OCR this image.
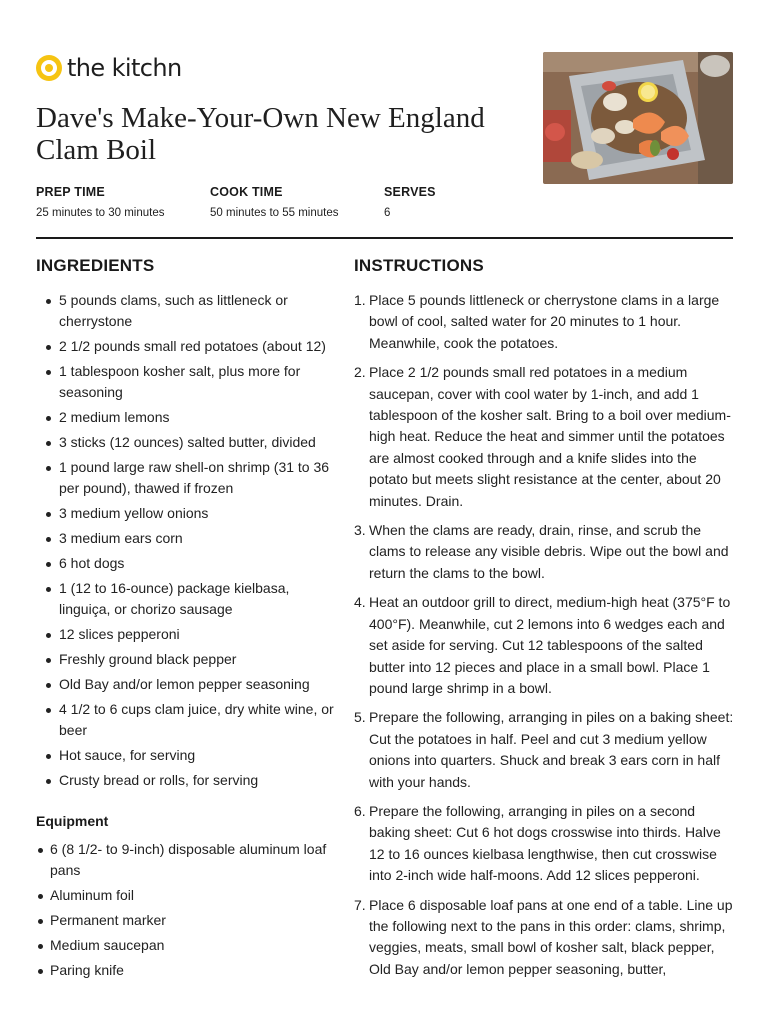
the kitchn
Dave's Make-Your-Own New England Clam Boil
PREP TIME
25 minutes to 30 minutes
COOK TIME
50 minutes to 55 minutes
SERVES
6
INGREDIENTS
5 pounds clams, such as littleneck or cherrystone
2 1/2 pounds small red potatoes (about 12)
1 tablespoon kosher salt, plus more for seasoning
2 medium lemons
3 sticks (12 ounces) salted butter, divided
1 pound large raw shell-on shrimp (31 to 36 per pound), thawed if frozen
3 medium yellow onions
3 medium ears corn
6 hot dogs
1 (12 to 16-ounce) package kielbasa, linguiça, or chorizo sausage
12 slices pepperoni
Freshly ground black pepper
Old Bay and/or lemon pepper seasoning
4 1/2 to 6 cups clam juice, dry white wine, or beer
Hot sauce, for serving
Crusty bread or rolls, for serving
Equipment
6 (8 1/2- to 9-inch) disposable aluminum loaf pans
Aluminum foil
Permanent marker
Medium saucepan
Paring knife
INSTRUCTIONS
1. Place 5 pounds littleneck or cherrystone clams in a large bowl of cool, salted water for 20 minutes to 1 hour. Meanwhile, cook the potatoes.
2. Place 2 1/2 pounds small red potatoes in a medium saucepan, cover with cool water by 1-inch, and add 1 tablespoon of the kosher salt. Bring to a boil over medium-high heat. Reduce the heat and simmer until the potatoes are almost cooked through and a knife slides into the potato but meets slight resistance at the center, about 20 minutes. Drain.
3. When the clams are ready, drain, rinse, and scrub the clams to release any visible debris. Wipe out the bowl and return the clams to the bowl.
4. Heat an outdoor grill to direct, medium-high heat (375°F to 400°F). Meanwhile, cut 2 lemons into 6 wedges each and set aside for serving. Cut 12 tablespoons of the salted butter into 12 pieces and place in a small bowl. Place 1 pound large shrimp in a bowl.
5. Prepare the following, arranging in piles on a baking sheet: Cut the potatoes in half. Peel and cut 3 medium yellow onions into quarters. Shuck and break 3 ears corn in half with your hands.
6. Prepare the following, arranging in piles on a second baking sheet: Cut 6 hot dogs crosswise into thirds. Halve 12 to 16 ounces kielbasa lengthwise, then cut crosswise into 2-inch wide half-moons. Add 12 slices pepperoni.
7. Place 6 disposable loaf pans at one end of a table. Line up the following next to the pans in this order: clams, shrimp, veggies, meats, small bowl of kosher salt, black pepper, Old Bay and/or lemon pepper seasoning, butter,
